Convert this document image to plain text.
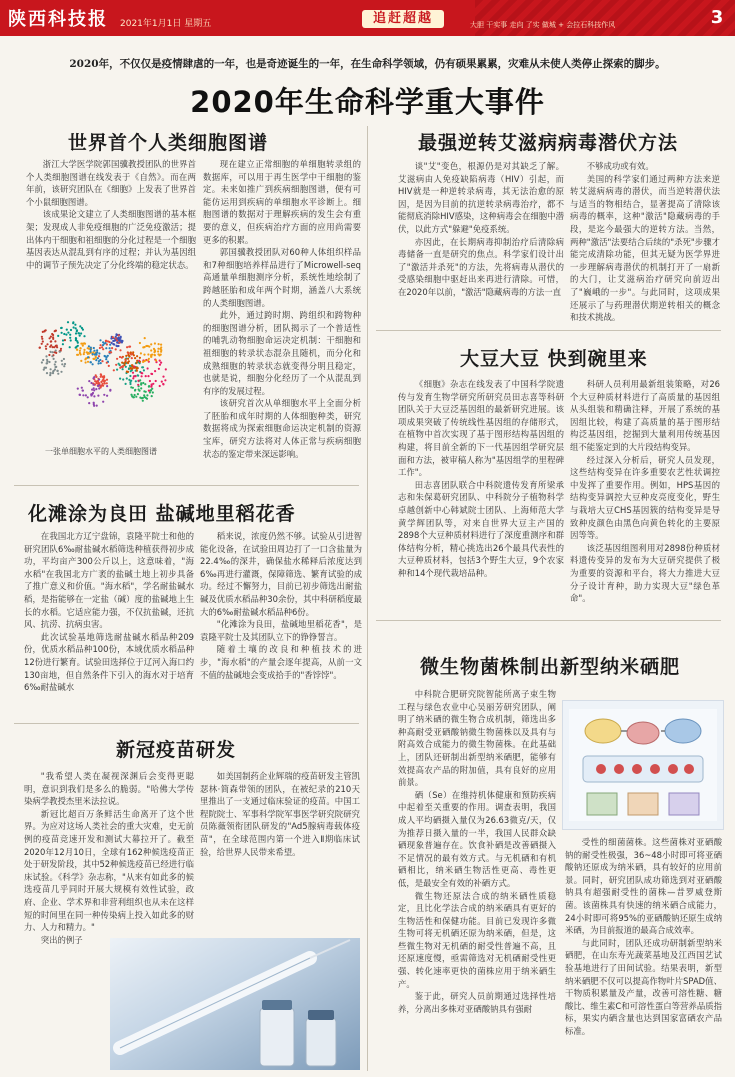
陕西科技报 2021年1月1日 星期五	追赶超越	大胆 干实事 走向 了实 做城 + 会拉石科技作风	3
2020年，不仅仅是疫情肆虐的一年，也是奇迹诞生的一年，在生命科学领域，仍有硕果累累，灾难从未使人类停止探索的脚步。
2020年生命科学重大事件
世界首个人类细胞图谱

浙江大学医学院郭国骥教授团队的世界首个人类细胞图谱在线发表于《自然》。而在两年前，该研究团队在《细胞》上发表了世界首个小鼠细胞图谱。

该成果论文建立了人类细胞图谱的基本框架；发现成人非免疫细胞的广泛免疫激活；提出体内干细胞和祖细胞的分化过程是一个细胞基因表达从混乱到有序的过程；并认为基因组中的调节子预先决定了分化终端的稳定状态。

一张单细胞水平的人类细胞图谱

现在建立正常细胞的单细胞转录组的数据库，可以用于再生医学中干细胞的鉴定。未来如推广到疾病细胞图谱，便有可能仿运用到疾病的单细胞水平诊断上。细胞图谱的数据对于理解疾病的发生会有重要的意义，但疾病治疗方面的应用尚需要更多的积累。

郭国骥教授团队对60种人体组织样品和7种细胞培养样品进行了Microwell-seq高通量单细胞测序分析，系统性地绘制了跨越胚胎和成年两个时期，涵盖八大系统的人类细胞图谱。

此外，通过跨时期、跨组织和跨物种的细胞图谱分析，团队揭示了一个普适性的哺乳动物细胞命运决定机制：干细胞和祖细胞的转录状态混杂且随机，而分化和成熟细胞的转录状态就变得分明且稳定，也就是说，细胞分化经历了一个从混乱到有序的发展过程。

该研究首次从单细胞水平上全面分析了胚胎和成年时期的人体细胞种类，研究数据将成为探索细胞命运决定机制的资源宝库，研究方法将对人体正常与疾病细胞状态的鉴定带来深远影响。

化滩涂为良田 盐碱地里稻花香

在我国北方辽宁盘锦，袁隆平院士和他的研究团队6‰耐盐碱水稻筛选种植获得初步成功，平均亩产300公斤以上，这意味着，"海水稻"在我国北方广袤的盐碱土地上初步具备了推广意义和价值。"海水稻"，学名耐盐碱水稻，是指能够在一定盐（碱）度的盐碱地上生长的水稻。它适应能力强，不仅抗盐碱，还抗风、抗涝、抗病虫害。

此次试验基地筛选耐盐碱水稻品种209份，优质水稻品种100份，本域优质水稻品种12份进行繁育。试验田选择位于辽河入海口约130亩地，但自然条件下引入的海水对于培育6‰耐盐碱水

稻来说，浓度仍然不够。试验从引进智能化设备，在试验田周边打了一口含盐量为22.4‰的深井，确保盐水稀释后浓度达到6‰再进行灌溉，保障筛选、繁育试验的成功。经过不懈努力，目前已初步筛选出耐盐碱及优质水稻品种30余份，其中科研稻度最大的6‰耐盐碱水稻品种6份。

"化滩涂为良田，盐碱地里稻花香"，是袁隆平院士及其团队立下的铮铮誓言。

随着土壤的改良和种植技术的进步，"海水稻"的产量会逐年提高，从前一文不值的盐碱地会变成拾手的"香饽饽"。

新冠疫苗研发

"我希望人类在凝视深渊后会变得更聪明，意识到我们是多么的脆弱。"哈佛大学传染病学教授杰里米法拉说。

新冠比超百万条鲜活生命离开了这个世界。为应对这场人类社会的重大灾难，史无前例的疫苗竞速开发和测试大幕拉开了。截至2020年12月10日，全球有162种候选疫苗正处于研发阶段，其中52种候选疫苗已经进行临床试验。《科学》杂志称，"从来有如此多的候选疫苗几乎同时开展大规模有效性试验，政府、企业、学术界和非营利组织也从未在这样短的时间里在同一种传染病上投入如此多的财力、人力和精力。"

突出的例子

如美国制药企业辉瑞的疫苗研发主管凯瑟林·简森带领的团队，在被纪录的210天里推出了一支通过临床验证的疫苗。中国工程院院士、军事科学院军事医学研究院研究员陈薇领衔团队研发的"Ad5腺病毒载体疫苗"，在全球范围内第一个进入Ⅱ期临床试验，给世界人民带来希望。

最强逆转艾滋病病毒潜伏方法

谈"艾"变色，根源仍是对其缺乏了解。艾滋病由人免疫缺陷病毒（HIV）引起，而HIV就是一种逆转录病毒，其无法治愈的原因，是因为目前的抗逆转录病毒治疗，都不能彻底消除HIV感染，这种病毒会在细胞中潜伏，以此方式"躲避"免疫系统。

亦因此，在长期病毒抑制治疗后清除病毒储备一直是研究的焦点。科学家们设计出了"激活并杀死"的方法，先将病毒从潜伏的受感染细胞中驱赶出来再进行清除。可惜，在2020年以前，"激活"隐藏病毒的方法一直

不够成功或有效。

美国的科学家们通过两种方法来逆转艾滋病病毒的潜伏，而当逆转潜伏法与适当的物相结合，显著提高了清除该病毒的概率，这种"激活"隐藏病毒的手段，是迄今最强大的逆转方法。当然，两种"激活"法要结合后续的"杀死"步骤才能完成清除功能，但其无疑为医学界进一步理解病毒潜伏的机制打开了一扇新的大门，让艾滋病治疗研究向前迈出了"巍峨的一步"。与此同时，这项成果还展示了与药理潜伏期逆转相关的概念和技术挑战。

大豆大豆 快到碗里来

《细胞》杂志在线发表了中国科学院遗传与发育生物学研究所研究员田志喜等科研团队关于大豆泛基因组的最新研究进展。该项成果突破了传统线性基因组的存储形式，在植物中首次实现了基于图形结构基因组的构建，将目前全新的下一代基因组学研究层面和方法，被审稿人称为"基因组学的里程碑工作"。

田志喜团队联合中科院遗传发育所梁承志和朱保葛研究团队、中科院分子植物科学卓越创新中心韩斌院士团队、上海师范大学黄学辉团队等，对来自世界大豆主产国的2898个大豆种质材料进行了深度重测序和群体结构分析，精心挑选出26个最具代表性的大豆种质材料，包括3个野生大豆，9个农家种和14个现代栽培品种。

科研人员利用最新组装策略，对26个大豆种质材料进行了高质量的基因组从头组装和精确注释，开展了系统的基因组比较，构建了高质量的基于图形结构泛基因组，挖掘到大量利用传统基因组不能鉴定到的大片段结构变异。

经过深入分析后，研究人员发现，这些结构变异在许多重要农艺性状调控中发挥了重要作用。例如，HPS基因的结构变异调控大豆种皮亮度变化，野生与栽培大豆CHS基因簇的结构变异是导致种皮颜色由黑色向黄色转化的主要原因等等。

该泛基因组图利用对2898份种质材料遗传变异的发布为大豆研究提供了极为重要的资源和平台，将大力推进大豆分子设计育种，助力实现大豆"绿色革命"。

微生物菌株制出新型纳米硒肥

中科院合肥研究院智能所离子束生物工程与绿色农业中心吴丽芳研究团队，阐明了纳米硒的微生物合成机制，筛选出多种高耐受亚硒酸钠微生物菌株以及具有与附高效合成能力的微生物菌株。在此基础上，团队还研制出新型纳米硒肥，能够有效提高农产品的附加值，具有良好的应用前景。

硒（Se）在维持机体健康和预防疾病中起着至关重要的作用。调查表明，我国成人平均硒摄入量仅为26.63微克/天，仅为推荐日摄入量的一半，我国人民群众缺硒现象普遍存在。饮食补硒是改善硒摄入不足情况的最有效方式。与无机硒和有机硒相比，纳米硒生物活性更高、毒性更低，是最安全有效的补硒方式。

微生物还原法合成的纳米硒性质稳定，且比化学法合成的纳米硒具有更好的生物活性和保健功能。目前已发现许多微生物可将无机硒还原为纳米硒，但是，这些微生物对无机硒的耐受性普遍不高，且还原速度慢，亟需筛选对无机硒耐受性更强、转化速率更快的菌株应用于纳米硒生产。

鉴于此，研究人员前期通过选择性培养，分离出多株对亚硒酸钠具有强耐

受性的细菌菌株。这些菌株对亚硒酸钠的耐受性极强，36~48小时即可将亚硒酸钠还原成为纳米硒，具有较好的应用前景。同时，研究团队成功筛选到对亚硒酸钠具有超强耐受性的菌株—昔罗威登斯菌。该菌株具有快速的纳米硒合成能力，24小时即可将95%的亚硒酸钠还原生成纳米硒，为目前报道的最高合成效率。

与此同时，团队还成功研制新型纳米硒肥，在山东寿光蔬菜基地及江西国艺试验基地进行了田间试验。结果表明，新型纳米硒肥不仅可以提高作物叶片SPAD值、干物质积累量及产量，改善可溶性糖、糖酸比、维生素C和可溶性蛋白等营养品质指标，果实内硒含量也达到国家富硒农产品标准。
